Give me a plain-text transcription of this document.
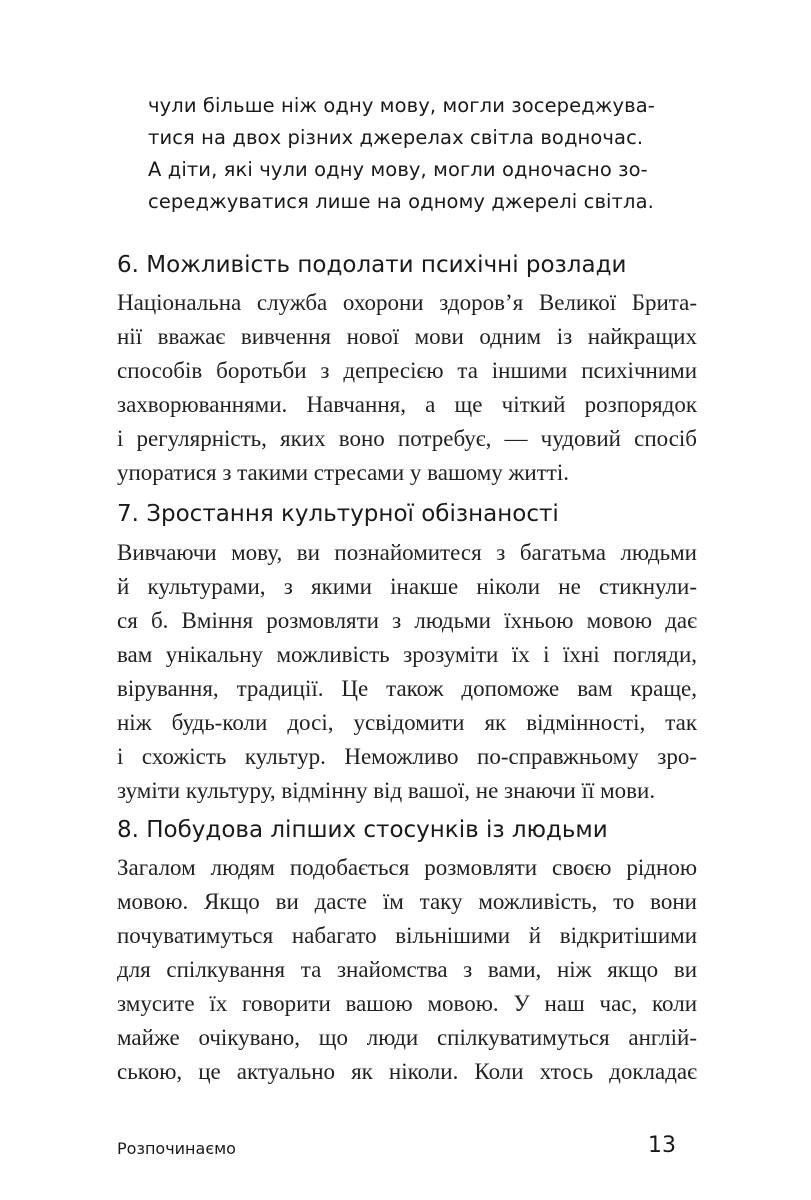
чули більше ніж одну мову, могли зосереджува-
тися на двох різних джерелах світла водночас.
А діти, які чули одну мову, могли одночасно зо-
середжуватися лише на одному джерелі світла.
6. Можливість подолати психічні розлади
Національна служба охорони здоров’я Великої Брита-
нії вважає вивчення нової мови одним із найкращих
способів боротьби з депресією та іншими психічними
захворюваннями. Навчання, а ще чіткий розпорядок
і регулярність, яких воно потребує, — чудовий спосіб
упоратися з такими стресами у вашому житті.
7. Зростання культурної обізнаності
Вивчаючи мову, ви познайомитеся з багатьма людьми
й культурами, з якими інакше ніколи не стикнули-
ся б. Вміння розмовляти з людьми їхньою мовою дає
вам унікальну можливість зрозуміти їх і їхні погляди,
вірування, традиції. Це також допоможе вам краще,
ніж будь-коли досі, усвідомити як відмінності, так
і схожість культур. Неможливо по-справжньому зро-
зуміти культуру, відмінну від вашої, не знаючи її мови.
8. Побудова ліпших стосунків із людьми
Загалом людям подобається розмовляти своєю рідною
мовою. Якщо ви дасте їм таку можливість, то вони
почуватимуться набагато вільнішими й відкритішими
для спілкування та знайомства з вами, ніж якщо ви
змусите їх говорити вашою мовою. У наш час, коли
майже очікувано, що люди спілкуватимуться англій-
ською, це актуально як ніколи. Коли хтось докладає
Розпочинаємо	13
